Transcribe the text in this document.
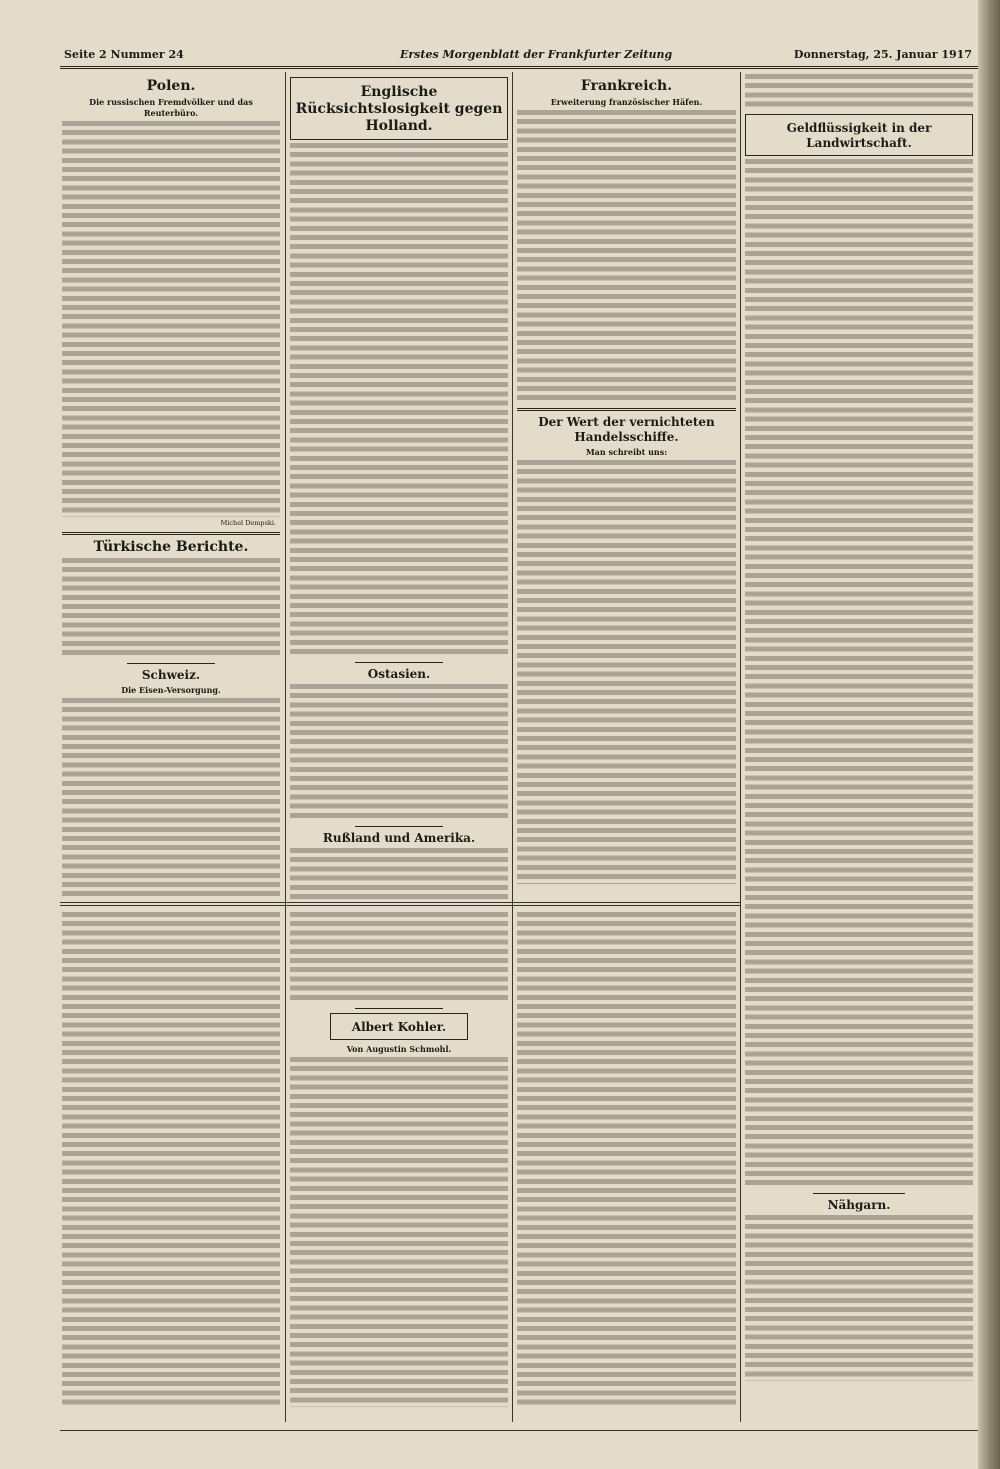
Seite 2 Nummer 24	Erstes Morgenblatt der Frankfurter Zeitung	Donnerstag, 25. Januar 1917
Polen.
Die russischen Fremdvölker und das Reuterbüro.
Michel Dempski.
Türkische Berichte.
Schweiz.
Die Eisen-Versorgung.
Englische Rücksichtslosigkeit gegen Holland.
Ostasien.
Rußland und Amerika.
Frankreich.
Erweiterung französischer Häfen.
Der Wert der vernichteten Handelsschiffe.
Man schreibt uns:
Geldflüssigkeit in der Landwirtschaft.
Nähgarn.
Albert Kohler.
Von Augustin Schmohl.
